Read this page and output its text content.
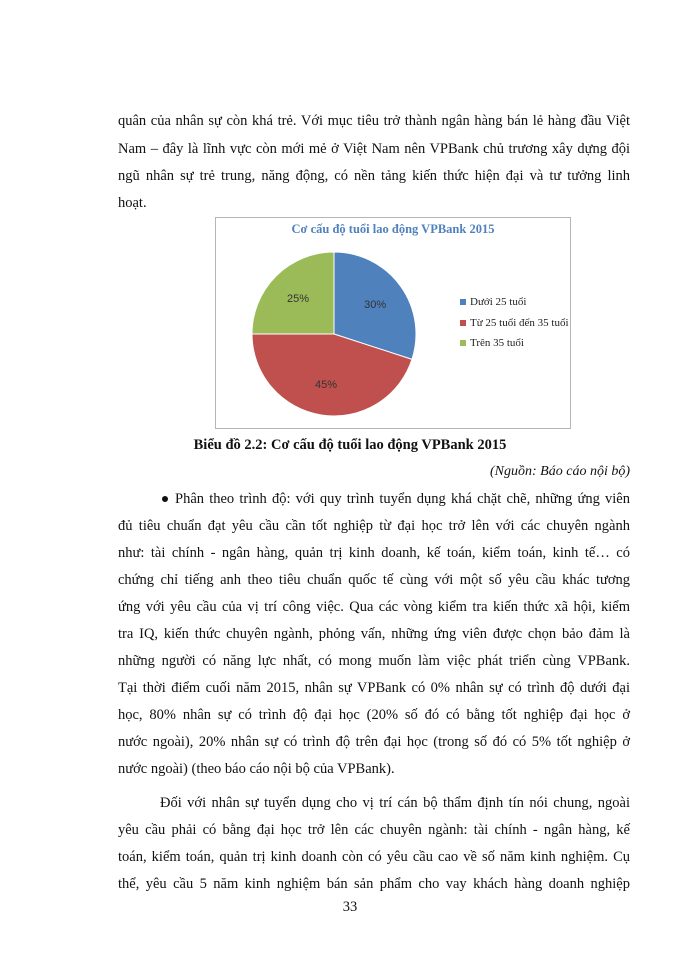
quân của nhân sự còn khá trẻ. Với mục tiêu trở thành ngân hàng bán lẻ hàng đầu Việt
Nam – đây là lĩnh vực còn mới mẻ ở Việt Nam nên VPBank chủ trương xây dựng đội
ngũ nhân sự trẻ trung, năng động, có nền tảng kiến thức hiện đại và tư tưởng linh
hoạt.
Cơ cấu độ tuổi lao động VPBank 2015
30%
45%
25%	Dưới 25 tuổi
Từ 25 tuổi đến 35 tuổi
Trên 35 tuổi
Biểu đồ 2.2: Cơ cấu độ tuổi lao động VPBank 2015
(Nguồn: Báo cáo nội bộ)
Phân theo trình độ: với quy trình tuyển dụng khá chặt chẽ, những ứng viên
đủ tiêu chuẩn đạt yêu cầu cần tốt nghiệp từ đại học trở lên với các chuyên ngành
như: tài chính - ngân hàng, quản trị kinh doanh, kế toán, kiểm toán, kinh tế… có
chứng chỉ tiếng anh theo tiêu chuẩn quốc tế cùng với một số yêu cầu khác tương
ứng với yêu cầu của vị trí công việc. Qua các vòng kiểm tra kiến thức xã hội, kiểm
tra IQ, kiến thức chuyên ngành, phỏng vấn, những ứng viên được chọn bảo đảm là
những người có năng lực nhất, có mong muốn làm việc phát triển cùng VPBank.
Tại thời điểm cuối năm 2015, nhân sự VPBank có 0% nhân sự có trình độ dưới đại
học, 80% nhân sự có trình độ đại học (20% số đó có bằng tốt nghiệp đại học ở
nước ngoài), 20% nhân sự có trình độ trên đại học (trong số đó có 5% tốt nghiệp ở
nước ngoài) (theo báo cáo nội bộ của VPBank).
Đối với nhân sự tuyển dụng cho vị trí cán bộ thẩm định tín nói chung, ngoài
yêu cầu phải có bằng đại học trở lên các chuyên ngành: tài chính - ngân hàng, kế
toán, kiểm toán, quản trị kinh doanh còn có yêu cầu cao về số năm kinh nghiệm. Cụ
thể, yêu cầu 5 năm kinh nghiệm bán sản phẩm cho vay khách hàng doanh nghiệp
33
